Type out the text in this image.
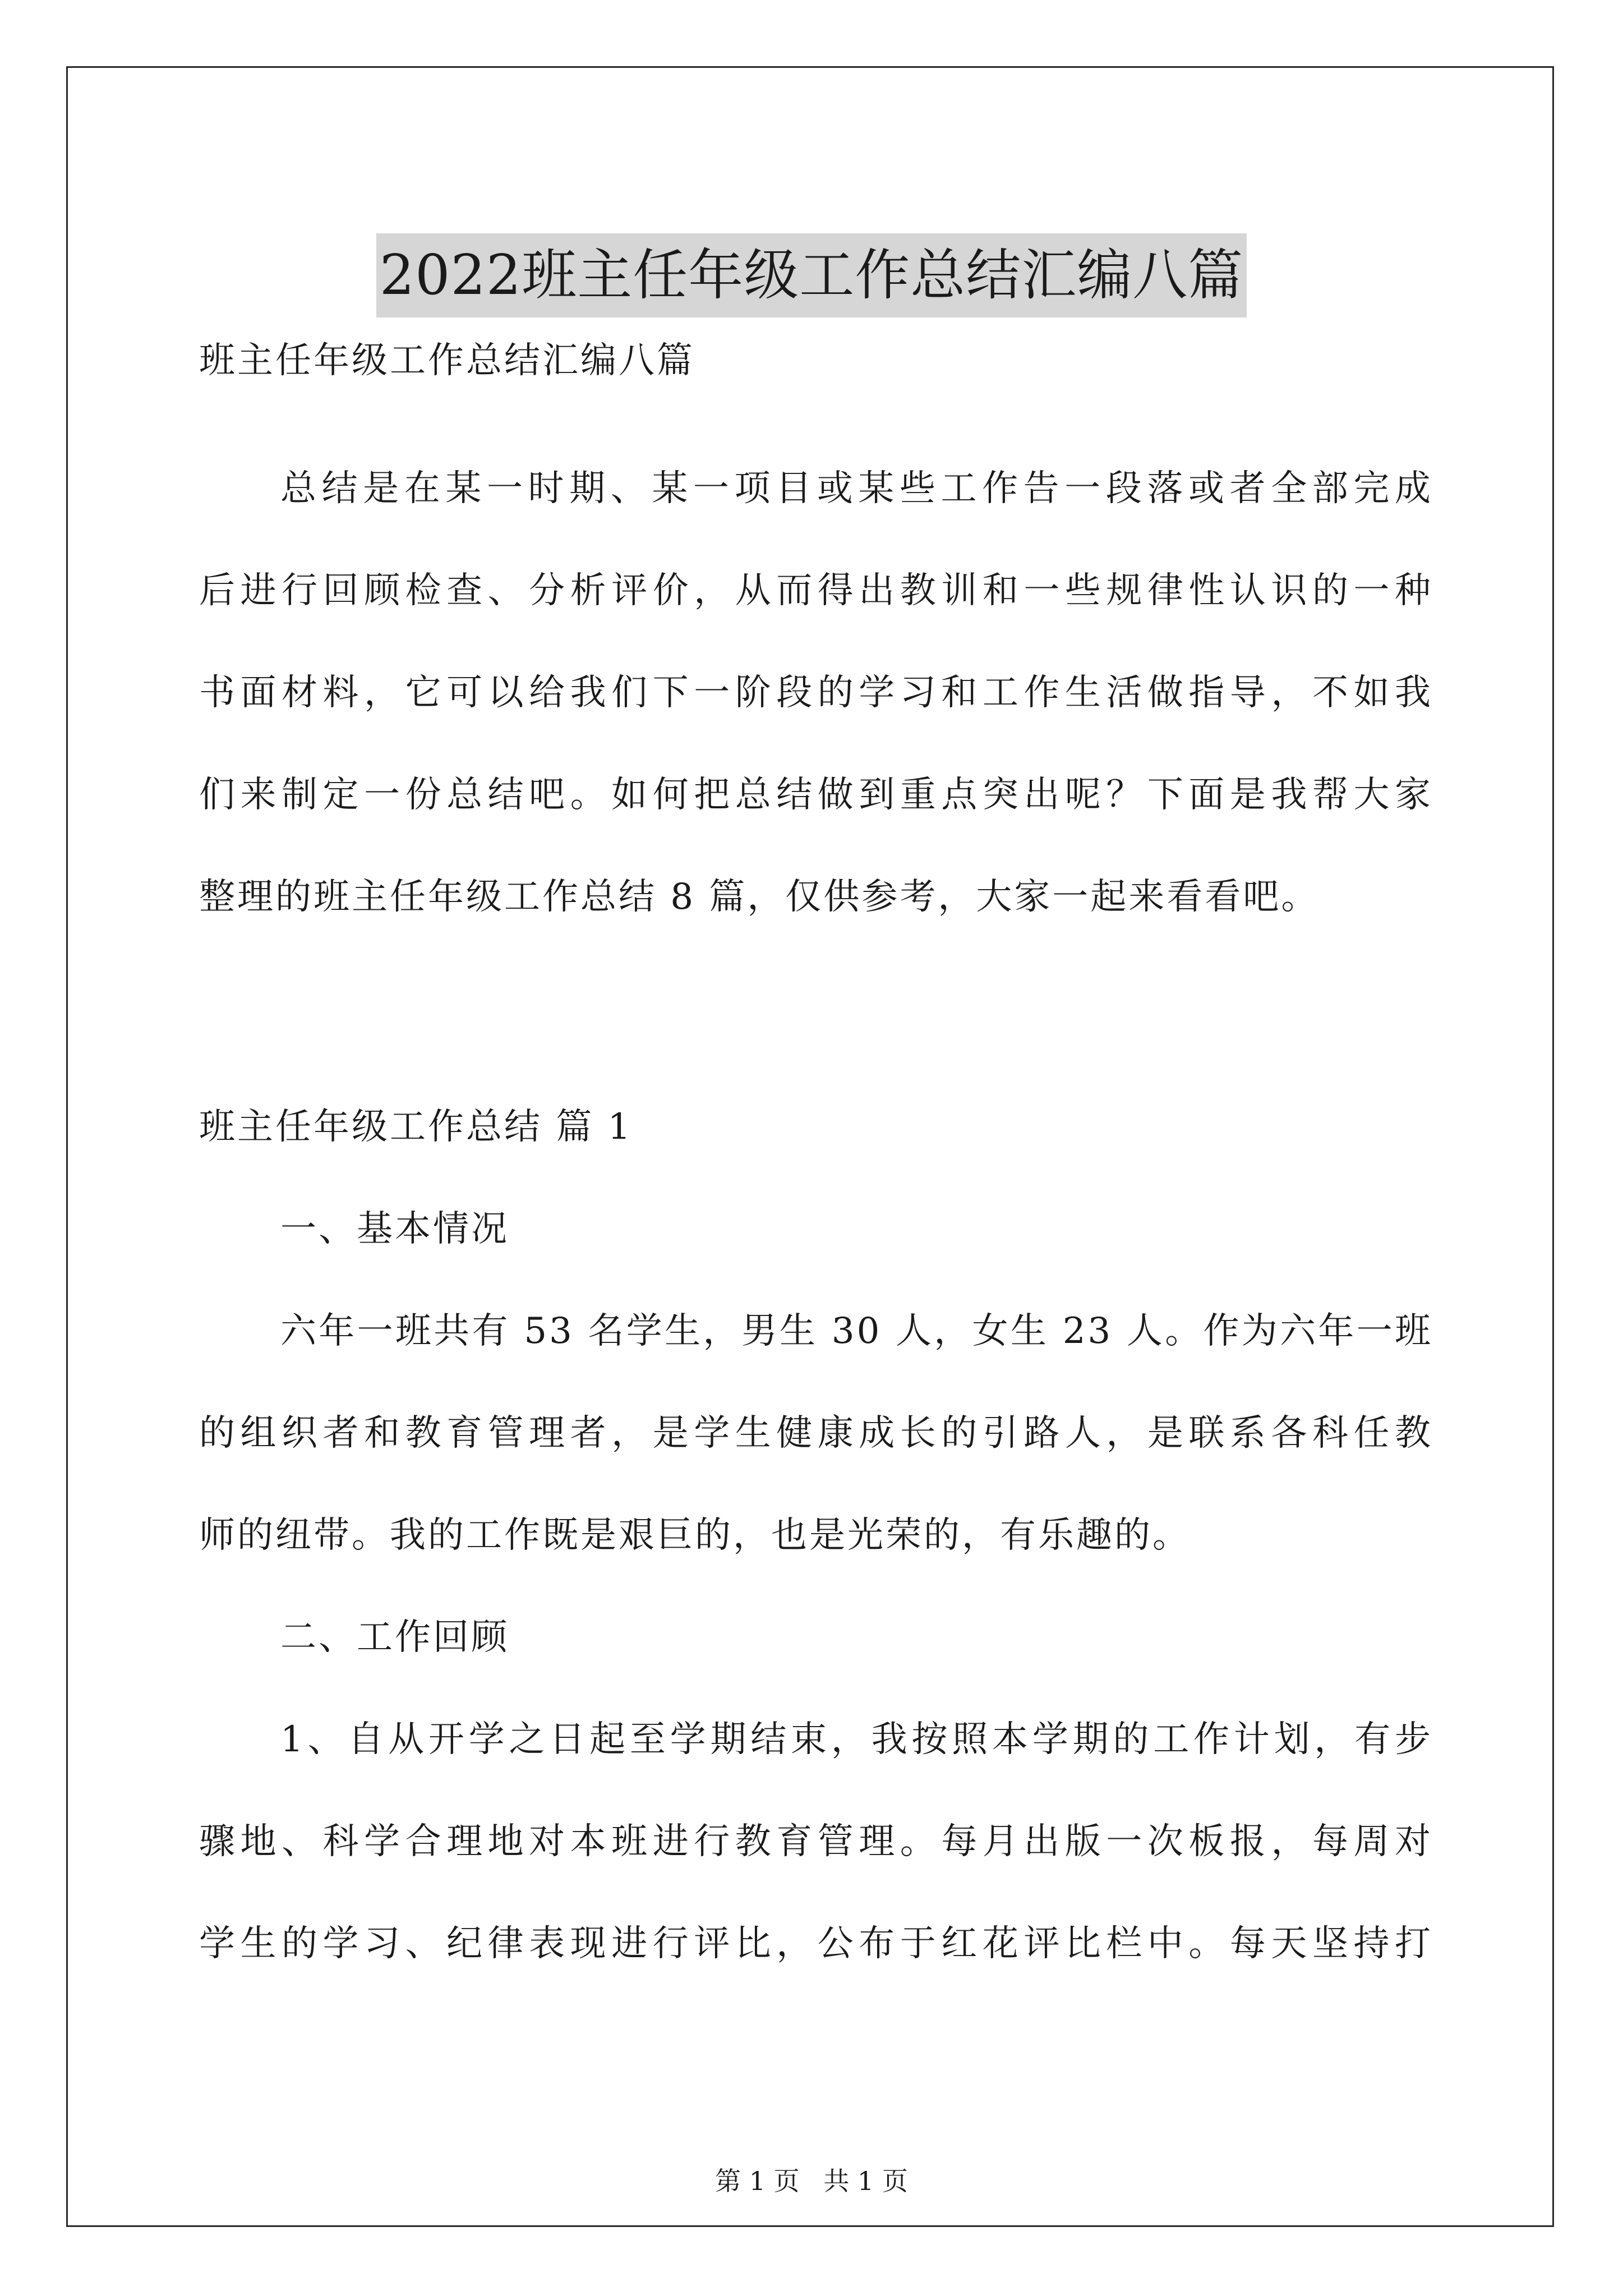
2022班主任年级工作总结汇编八篇
班主任年级工作总结汇编八篇
总结是在某一时期、某一项目或某些工作告一段落或者全部完成
后进行回顾检查、分析评价，从而得出教训和一些规律性认识的一种
书面材料，它可以给我们下一阶段的学习和工作生活做指导，不如我
们来制定一份总结吧。如何把总结做到重点突出呢？下面是我帮大家
整理的班主任年级工作总结 8 篇，仅供参考，大家一起来看看吧。
班主任年级工作总结 篇 1
一、基本情况
六年一班共有 53 名学生，男生 30 人，女生 23 人。作为六年一班
的组织者和教育管理者，是学生健康成长的引路人，是联系各科任教
师的纽带。我的工作既是艰巨的，也是光荣的，有乐趣的。
二、工作回顾
1、自从开学之日起至学期结束，我按照本学期的工作计划，有步
骤地、科学合理地对本班进行教育管理。每月出版一次板报，每周对
学生的学习、纪律表现进行评比，公布于红花评比栏中。每天坚持打
第 1 页 共 1 页
